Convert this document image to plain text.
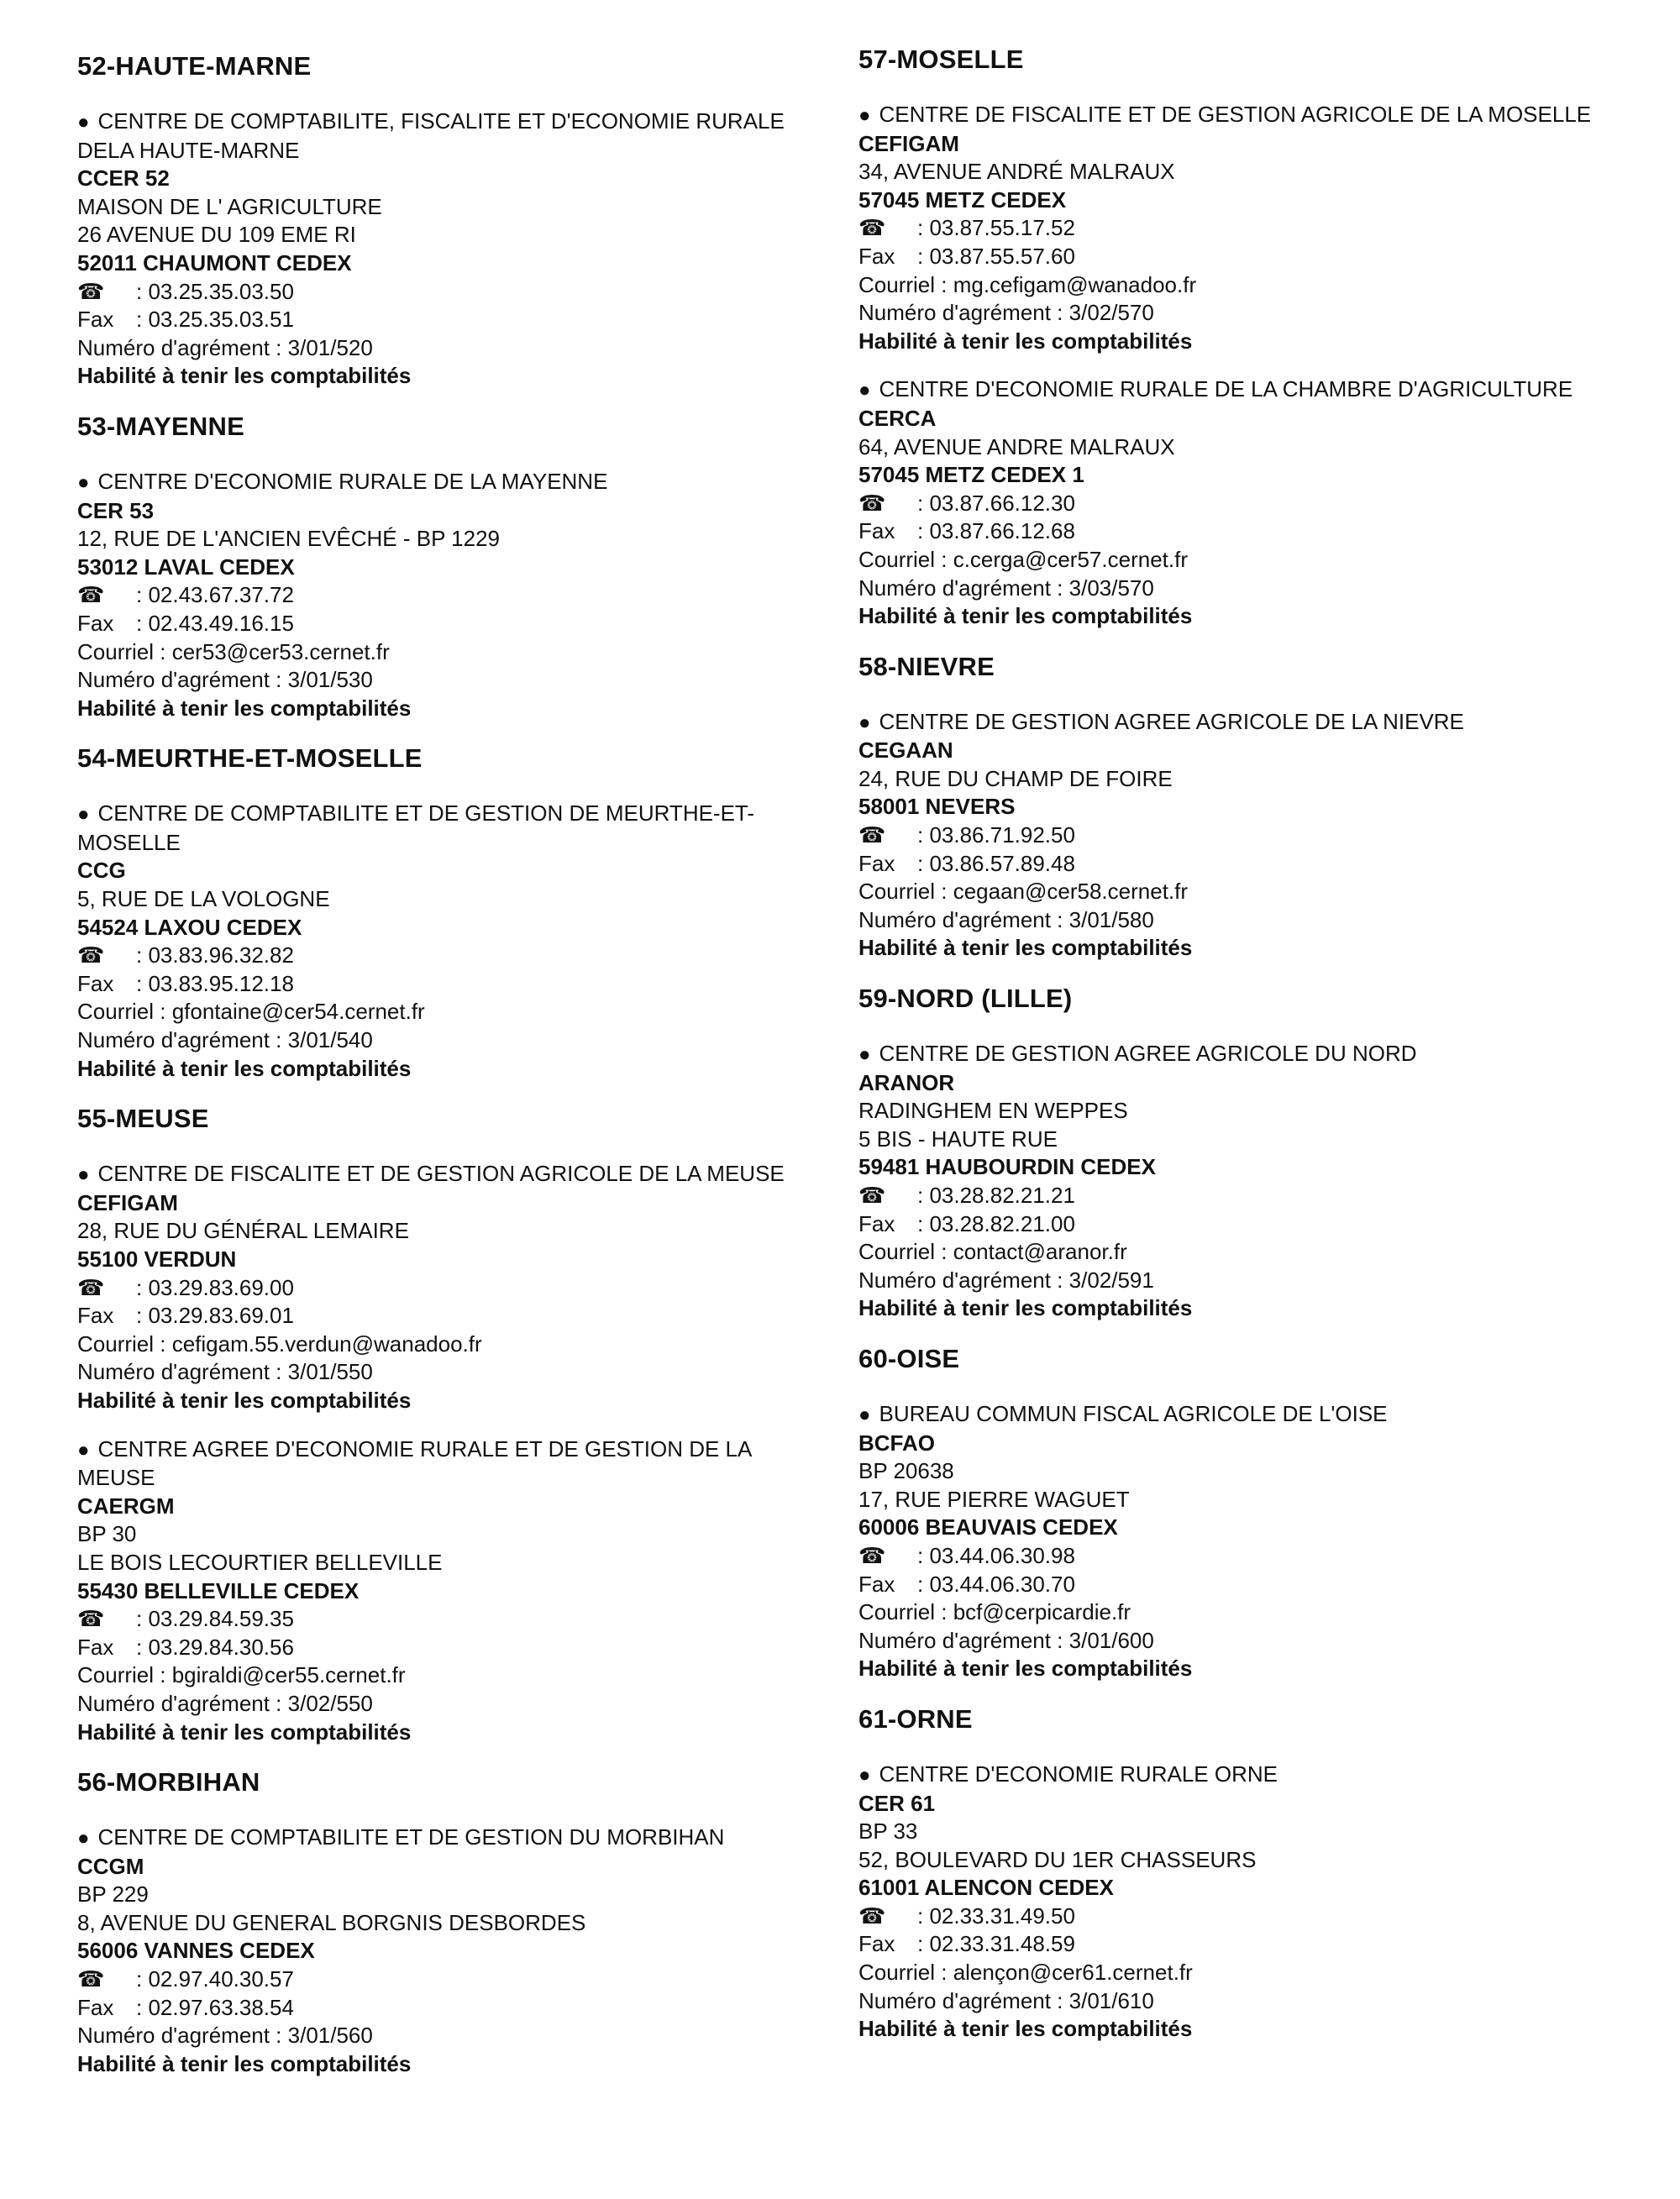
52-HAUTE-MARNE
● CENTRE DE COMPTABILITE, FISCALITE ET D'ECONOMIE RURALE DELA HAUTE-MARNE
CCER 52
MAISON DE L' AGRICULTURE
26 AVENUE DU 109 EME RI
52011 CHAUMONT CEDEX
☎ : 03.25.35.03.50
Fax : 03.25.35.03.51
Numéro d'agrément : 3/01/520
Habilité à tenir les comptabilités
53-MAYENNE
● CENTRE D'ECONOMIE RURALE DE LA MAYENNE
CER 53
12, RUE DE L'ANCIEN EVÊCHÉ - BP 1229
53012 LAVAL CEDEX
☎ : 02.43.67.37.72
Fax : 02.43.49.16.15
Courriel : cer53@cer53.cernet.fr
Numéro d'agrément : 3/01/530
Habilité à tenir les comptabilités
54-MEURTHE-ET-MOSELLE
● CENTRE DE COMPTABILITE ET DE GESTION DE MEURTHE-ET-MOSELLE
CCG
5, RUE DE LA VOLOGNE
54524 LAXOU CEDEX
☎ : 03.83.96.32.82
Fax : 03.83.95.12.18
Courriel : gfontaine@cer54.cernet.fr
Numéro d'agrément : 3/01/540
Habilité à tenir les comptabilités
55-MEUSE
● CENTRE DE FISCALITE ET DE GESTION AGRICOLE DE LA MEUSE
CEFIGAM
28, RUE DU GÉNÉRAL LEMAIRE
55100 VERDUN
☎ : 03.29.83.69.00
Fax : 03.29.83.69.01
Courriel : cefigam.55.verdun@wanadoo.fr
Numéro d'agrément : 3/01/550
Habilité à tenir les comptabilités
● CENTRE AGREE D'ECONOMIE RURALE ET DE GESTION DE LA MEUSE
CAERGM
BP 30
LE BOIS LECOURTIER BELLEVILLE
55430 BELLEVILLE CEDEX
☎ : 03.29.84.59.35
Fax : 03.29.84.30.56
Courriel : bgiraldi@cer55.cernet.fr
Numéro d'agrément : 3/02/550
Habilité à tenir les comptabilités
56-MORBIHAN
● CENTRE DE COMPTABILITE ET DE GESTION DU MORBIHAN
CCGM
BP 229
8, AVENUE DU GENERAL BORGNIS DESBORDES
56006 VANNES CEDEX
☎ : 02.97.40.30.57
Fax : 02.97.63.38.54
Numéro d'agrément : 3/01/560
Habilité à tenir les comptabilités
57-MOSELLE
● CENTRE DE FISCALITE ET DE GESTION AGRICOLE DE LA MOSELLE
CEFIGAM
34, AVENUE ANDRÉ MALRAUX
57045 METZ CEDEX
☎ : 03.87.55.17.52
Fax : 03.87.55.57.60
Courriel : mg.cefigam@wanadoo.fr
Numéro d'agrément : 3/02/570
Habilité à tenir les comptabilités
● CENTRE D'ECONOMIE RURALE DE LA CHAMBRE D'AGRICULTURE
CERCA
64, AVENUE ANDRE MALRAUX
57045 METZ CEDEX 1
☎ : 03.87.66.12.30
Fax : 03.87.66.12.68
Courriel : c.cerga@cer57.cernet.fr
Numéro d'agrément : 3/03/570
Habilité à tenir les comptabilités
58-NIEVRE
● CENTRE DE GESTION AGREE AGRICOLE DE LA NIEVRE
CEGAAN
24, RUE DU CHAMP DE FOIRE
58001 NEVERS
☎ : 03.86.71.92.50
Fax : 03.86.57.89.48
Courriel : cegaan@cer58.cernet.fr
Numéro d'agrément : 3/01/580
Habilité à tenir les comptabilités
59-NORD (LILLE)
● CENTRE DE GESTION AGREE AGRICOLE DU NORD
ARANOR
RADINGHEM EN WEPPES
5 BIS - HAUTE RUE
59481 HAUBOURDIN CEDEX
☎ : 03.28.82.21.21
Fax : 03.28.82.21.00
Courriel : contact@aranor.fr
Numéro d'agrément : 3/02/591
Habilité à tenir les comptabilités
60-OISE
● BUREAU COMMUN FISCAL AGRICOLE DE L'OISE
BCFAO
BP 20638
17, RUE PIERRE WAGUET
60006 BEAUVAIS CEDEX
☎ : 03.44.06.30.98
Fax : 03.44.06.30.70
Courriel : bcf@cerpicardie.fr
Numéro d'agrément : 3/01/600
Habilité à tenir les comptabilités
61-ORNE
● CENTRE D'ECONOMIE RURALE ORNE
CER 61
BP 33
52, BOULEVARD DU 1ER CHASSEURS
61001 ALENCON CEDEX
☎ : 02.33.31.49.50
Fax : 02.33.31.48.59
Courriel : alençon@cer61.cernet.fr
Numéro d'agrément : 3/01/610
Habilité à tenir les comptabilités
